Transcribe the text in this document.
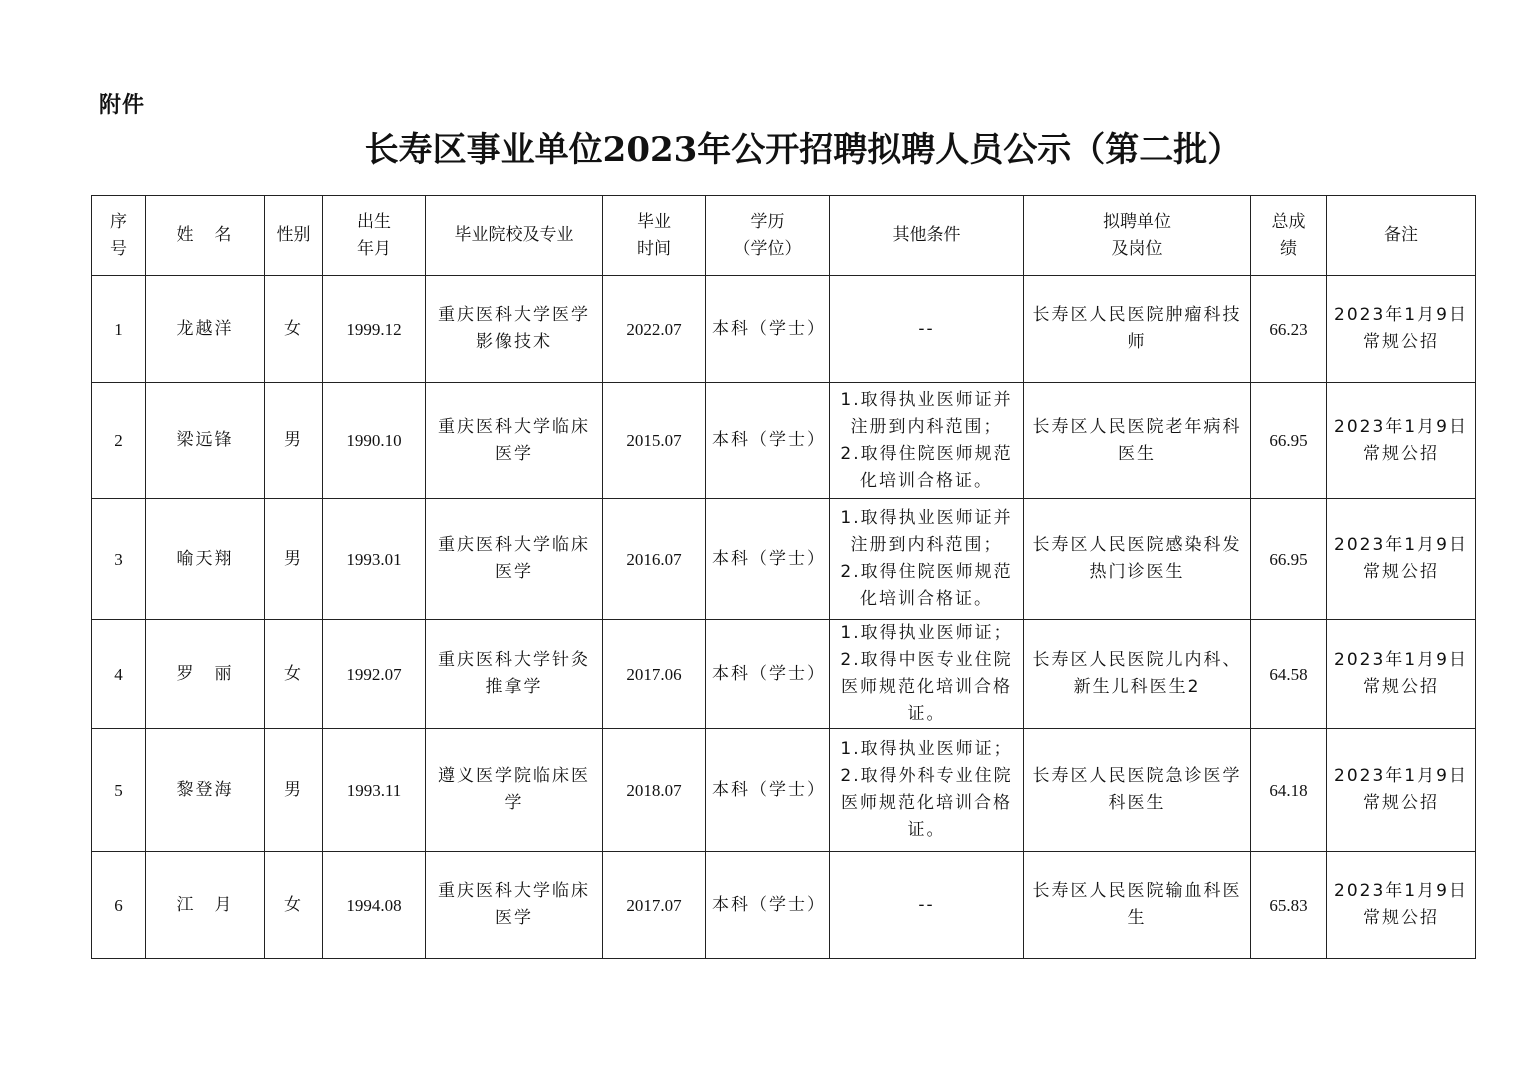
附件
长寿区事业单位2023年公开招聘拟聘人员公示（第二批）
序
号	姓　名	性别	出生
年月	毕业院校及专业	毕业
时间	学历
（学位）	其他条件	拟聘单位
及岗位	总成
绩	备注
1	龙越洋	女	1999.12	重庆医科大学医学影像技术	2022.07	本科（学士）	--	长寿区人民医院肿瘤科技师	66.23	2023年1月9日常规公招
2	梁远锋	男	1990.10	重庆医科大学临床医学	2015.07	本科（学士）	1.取得执业医师证并注册到内科范围；
2.取得住院医师规范化培训合格证。	长寿区人民医院老年病科医生	66.95	2023年1月9日常规公招
3	喻天翔	男	1993.01	重庆医科大学临床医学	2016.07	本科（学士）	1.取得执业医师证并注册到内科范围；
2.取得住院医师规范化培训合格证。	长寿区人民医院感染科发热门诊医生	66.95	2023年1月9日常规公招
4	罗　丽	女	1992.07	重庆医科大学针灸推拿学	2017.06	本科（学士）	1.取得执业医师证；
2.取得中医专业住院医师规范化培训合格证。	长寿区人民医院儿内科、新生儿科医生2	64.58	2023年1月9日常规公招
5	黎登海	男	1993.11	遵义医学院临床医学	2018.07	本科（学士）	1.取得执业医师证；
2.取得外科专业住院医师规范化培训合格证。	长寿区人民医院急诊医学科医生	64.18	2023年1月9日常规公招
6	江　月	女	1994.08	重庆医科大学临床医学	2017.07	本科（学士）	--	长寿区人民医院输血科医生	65.83	2023年1月9日常规公招
